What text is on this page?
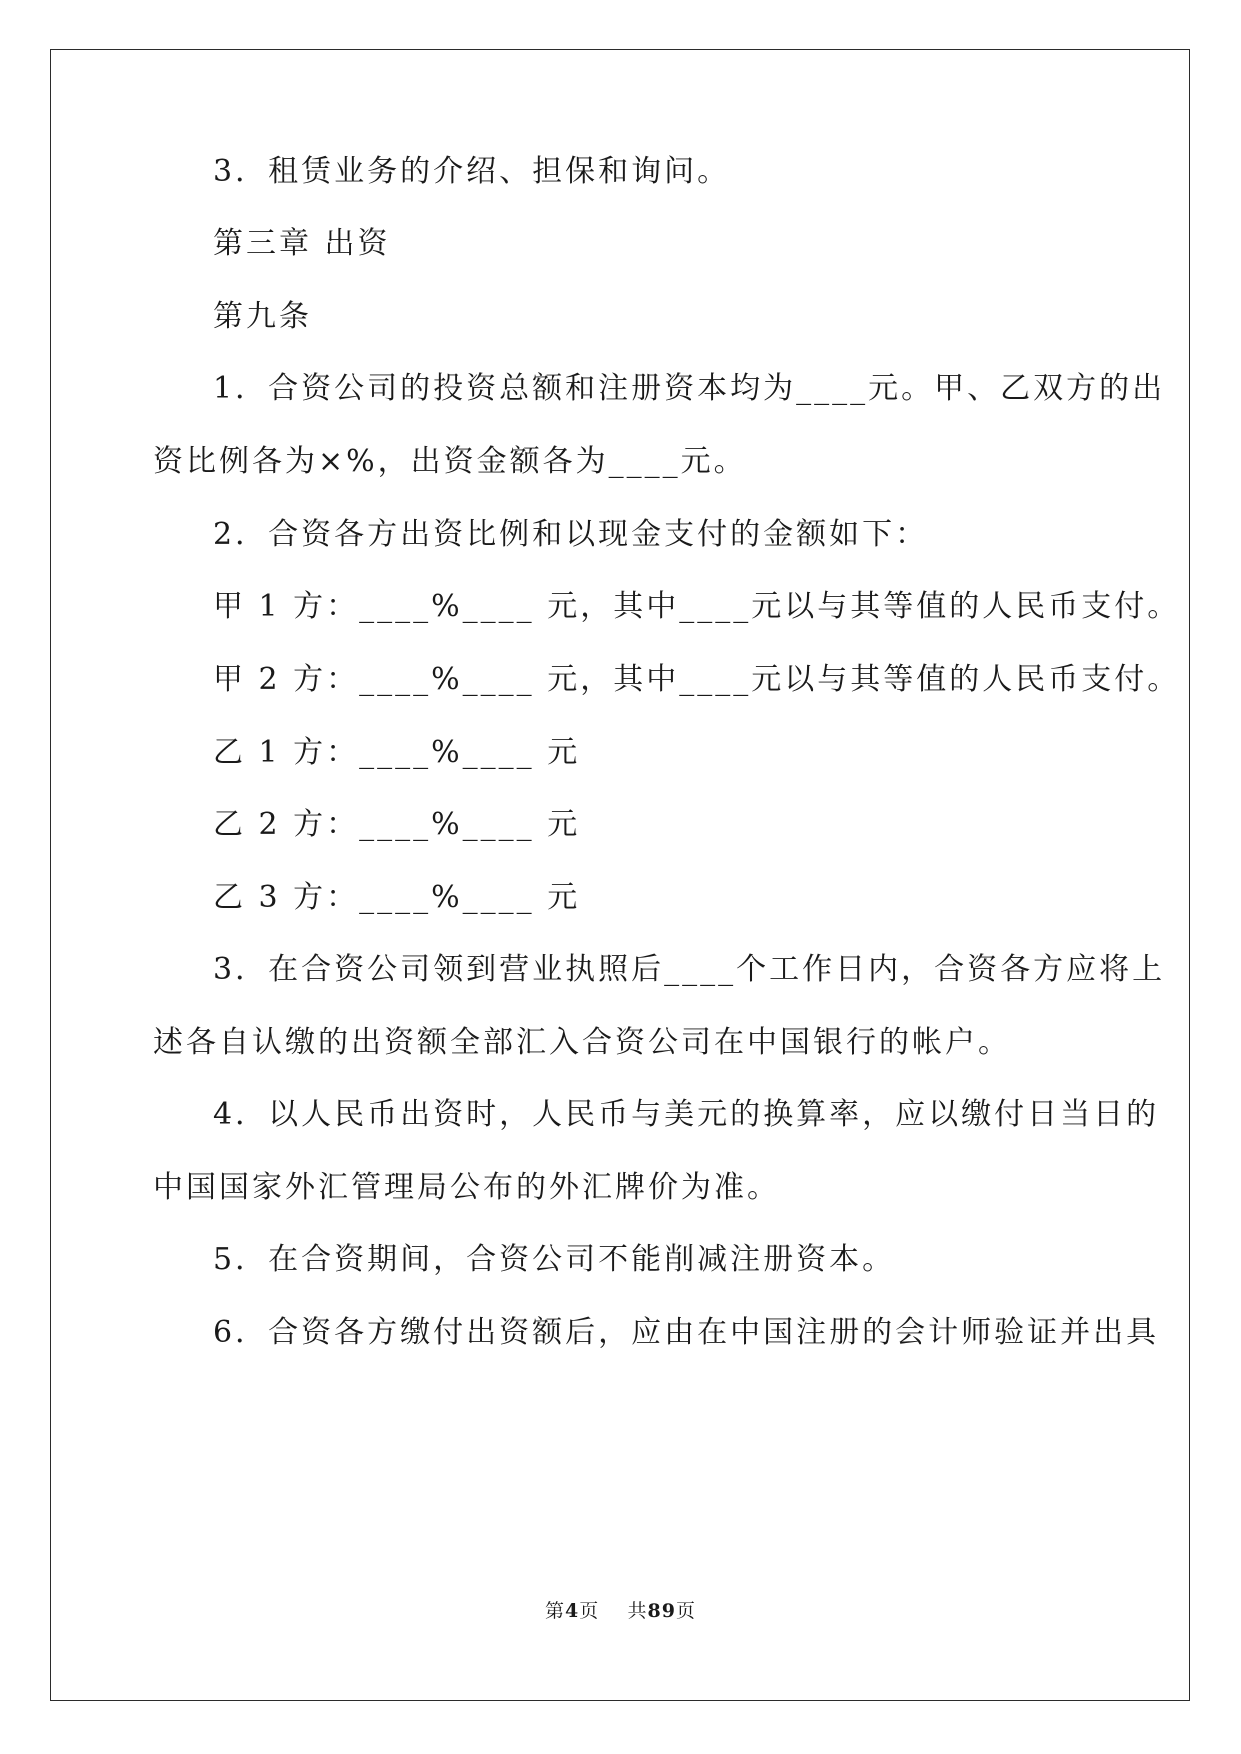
3．租赁业务的介绍、担保和询问。
第三章 出资
第九条
1．合资公司的投资总额和注册资本均为____元。甲、乙双方的出
资比例各为×%，出资金额各为____元。
2．合资各方出资比例和以现金支付的金额如下：
甲 1 方：____%____ 元，其中____元以与其等值的人民币支付。
甲 2 方：____%____ 元，其中____元以与其等值的人民币支付。
乙 1 方：____%____ 元
乙 2 方：____%____ 元
乙 3 方：____%____ 元
3．在合资公司领到营业执照后____个工作日内，合资各方应将上
述各自认缴的出资额全部汇入合资公司在中国银行的帐户。
4．以人民币出资时，人民币与美元的换算率，应以缴付日当日的
中国国家外汇管理局公布的外汇牌价为准。
5．在合资期间，合资公司不能削减注册资本。
6．合资各方缴付出资额后，应由在中国注册的会计师验证并出具
第4页 共89页
